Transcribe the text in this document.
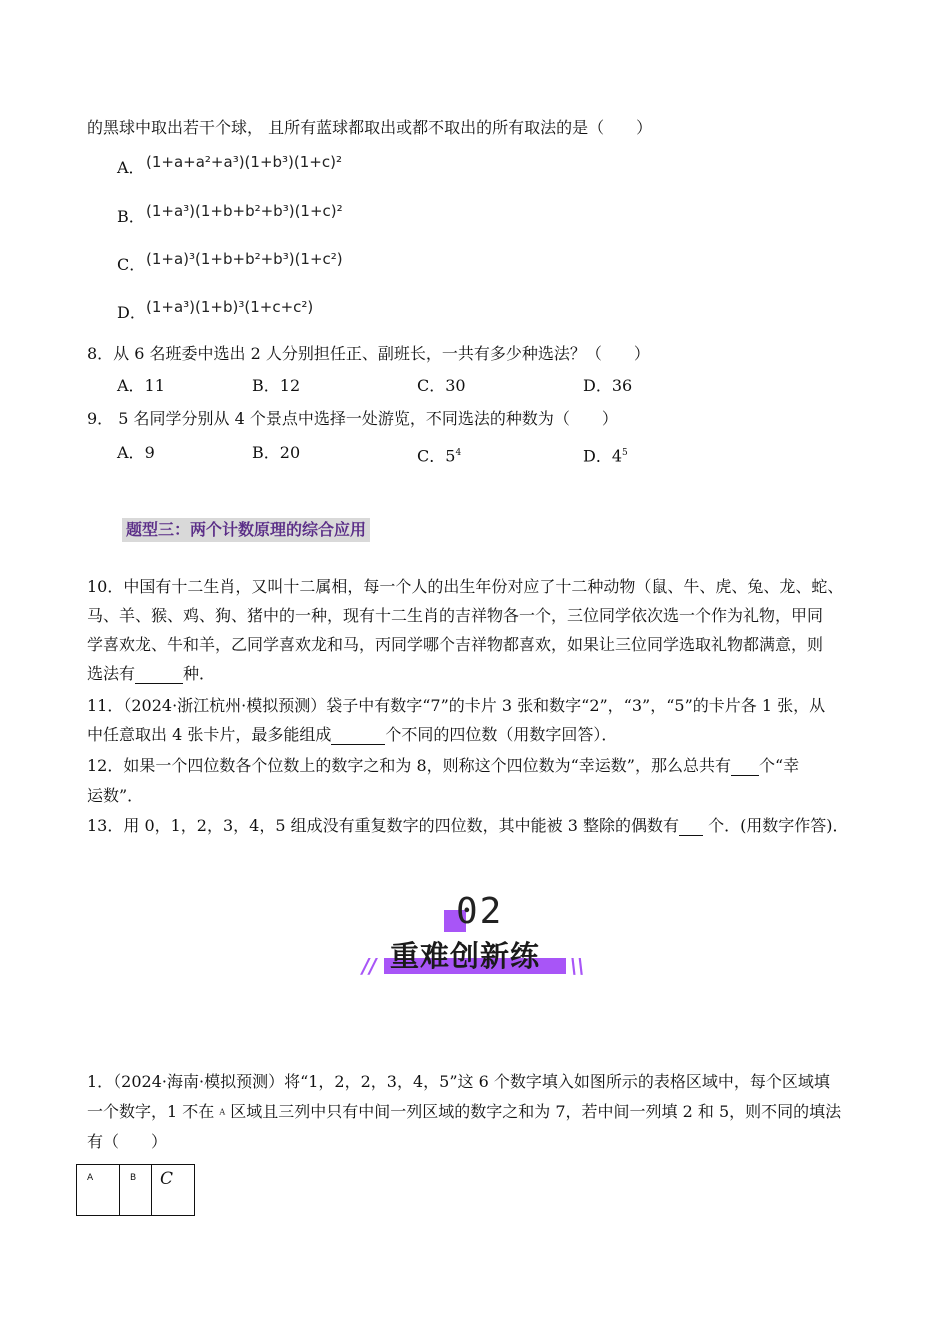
的黑球中取出若干个球， 且所有蓝球都取出或都不取出的所有取法的是（　　）
A． (1+a+a²+a³)(1+b³)(1+c)²
B． (1+a³)(1+b+b²+b³)(1+c)²
C． (1+a)³(1+b+b²+b³)(1+c²)
D． (1+a³)(1+b)³(1+c+c²)
8．从 6 名班委中选出 2 人分别担任正、副班长，一共有多少种选法？（　　）
A．11	B．12	C．30	D．36
9． 5 名同学分别从 4 个景点中选择一处游览，不同选法的种数为（　　）
A．9	B．20	C．$5^4$	D．$4^5$
题型三：两个计数原理的综合应用
10．中国有十二生肖，又叫十二属相，每一个人的出生年份对应了十二种动物（鼠、牛、虎、兔、龙、蛇、
马、羊、猴、鸡、狗、猪中的一种，现有十二生肖的吉祥物各一个，三位同学依次选一个作为礼物，甲同
学喜欢龙、牛和羊，乙同学喜欢龙和马，丙同学哪个吉祥物都喜欢，如果让三位同学选取礼物都满意，则
选法有	种．
11．（2024·浙江杭州·模拟预测）袋子中有数字“7”的卡片 3 张和数字“2”，“3”，“5”的卡片各 1 张，从
中任意取出 4 张卡片，最多能组成	个不同的四位数（用数字回答）．
12．如果一个四位数各个位数上的数字之和为 8，则称这个四位数为“幸运数”，那么总共有 个“幸
运数”．
13．用 0，1，2，3，4，5 组成没有重复数字的四位数，其中能被 3 整除的偶数有 个．(用数字作答)．
02
//	\\
重难创新练
1．（2024·海南·模拟预测）将“1，2，2，3，4，5”这 6 个数字填入如图所示的表格区域中，每个区域填
一个数字，1 不在 A 区域且三列中只有中间一列区域的数字之和为 7，若中间一列填 2 和 5，则不同的填法
有（　　）
A	B	C
